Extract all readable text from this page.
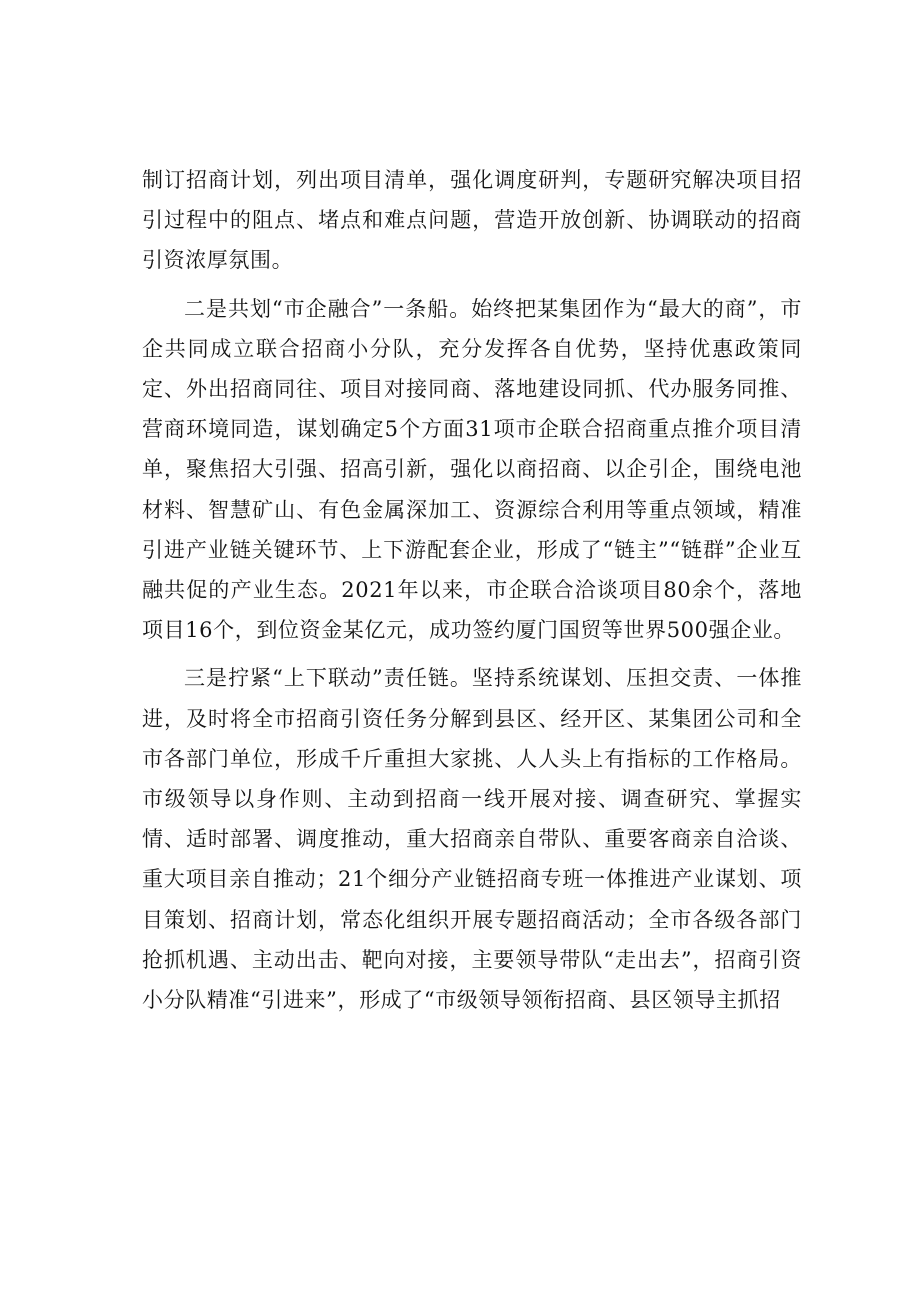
制订招商计划，列出项目清单，强化调度研判，专题研究解决项目招引过程中的阻点、堵点和难点问题，营造开放创新、协调联动的招商引资浓厚氛围。

二是共划“市企融合”一条船。始终把某集团作为“最大的商”，市企共同成立联合招商小分队，充分发挥各自优势，坚持优惠政策同定、外出招商同往、项目对接同商、落地建设同抓、代办服务同推、营商环境同造，谋划确定5个方面31项市企联合招商重点推介项目清单，聚焦招大引强、招高引新，强化以商招商、以企引企，围绕电池材料、智慧矿山、有色金属深加工、资源综合利用等重点领域，精准引进产业链关键环节、上下游配套企业，形成了“链主”“链群”企业互融共促的产业生态。2021年以来，市企联合洽谈项目80余个，落地项目16个，到位资金某亿元，成功签约厦门国贸等世界500强企业。

三是拧紧“上下联动”责任链。坚持系统谋划、压担交责、一体推进，及时将全市招商引资任务分解到县区、经开区、某集团公司和全市各部门单位，形成千斤重担大家挑、人人头上有指标的工作格局。市级领导以身作则、主动到招商一线开展对接、调查研究、掌握实情、适时部署、调度推动，重大招商亲自带队、重要客商亲自洽谈、重大项目亲自推动；21个细分产业链招商专班一体推进产业谋划、项目策划、招商计划，常态化组织开展专题招商活动；全市各级各部门抢抓机遇、主动出击、靶向对接，主要领导带队“走出去”，招商引资小分队精准“引进来”，形成了“市级领导领衔招商、县区领导主抓招
